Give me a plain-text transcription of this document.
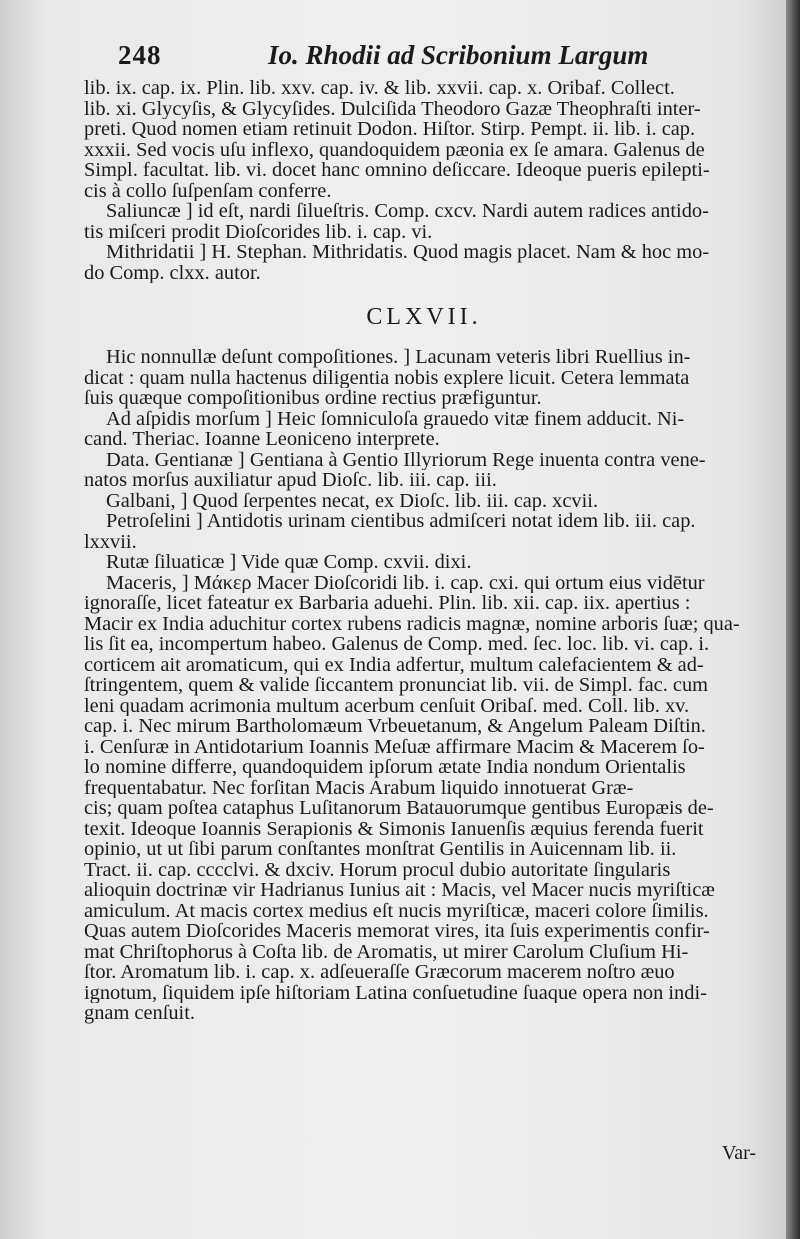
248	Io. Rhodii ad Scribonium Largum
lib. ix. cap. ix. Plin. lib. xxv. cap. iv. & lib. xxvii. cap. x. Oribaf. Collect.
lib. xi. Glycyſis, & Glycyſides. Dulciſida Theodoro Gazæ Theophraſti inter-
preti. Quod nomen etiam retinuit Dodon. Hiſtor. Stirp. Pempt. ii. lib. i. cap.
xxxii. Sed vocis uſu inflexo, quandoquidem pæonia ex ſe amara. Galenus de
Simpl. facultat. lib. vi. docet hanc omnino deſiccare. Ideoque pueris epilepti-
cis à collo ſuſpenſam conferre.
Saliuncæ ] id eſt, nardi ſilueſtris. Comp. cxcv. Nardi autem radices antido-
tis miſceri prodit Dioſcorides lib. i. cap. vi.
Mithridatii ] H. Stephan. Mithridatis. Quod magis placet. Nam & hoc mo-
do Comp. clxx. autor.
CLXVII.
Hic nonnullæ deſunt compoſitiones. ] Lacunam veteris libri Ruellius in-
dicat : quam nulla hactenus diligentia nobis explere licuit. Cetera lemmata
ſuis quæque compoſitionibus ordine rectius præfiguntur.
Ad aſpidis morſum ] Heic ſomniculoſa grauedo vitæ finem adducit. Ni-
cand. Theriac. Ioanne Leoniceno interprete.
Data. Gentianæ ] Gentiana à Gentio Illyriorum Rege inuenta contra vene-
natos morſus auxiliatur apud Dioſc. lib. iii. cap. iii.
Galbani, ] Quod ſerpentes necat, ex Dioſc. lib. iii. cap. xcvii.
Petroſelini ] Antidotis urinam cientibus admiſceri notat idem lib. iii. cap.
lxxvii.
Rutæ ſiluaticæ ] Vide quæ Comp. cxvii. dixi.
Maceris, ] Μάκερ Macer Dioſcoridi lib. i. cap. cxi. qui ortum eius vidētur
ignoraſſe, licet fateatur ex Barbaria aduehi. Plin. lib. xii. cap. iix. apertius :
Macir ex India aduchitur cortex rubens radicis magnæ, nomine arboris ſuæ; qua-
lis ſit ea, incompertum habeo. Galenus de Comp. med. ſec. loc. lib. vi. cap. i.
corticem ait aromaticum, qui ex India adfertur, multum calefacientem & ad-
ſtringentem, quem & valide ſiccantem pronunciat lib. vii. de Simpl. fac. cum
leni quadam acrimonia multum acerbum cenſuit Oribaſ. med. Coll. lib. xv.
cap. i. Nec mirum Bartholomæum Vrbeuetanum, & Angelum Paleam Diſtin.
i. Cenſuræ in Antidotarium Ioannis Meſuæ affirmare Macim & Macerem ſo-
lo nomine differre, quandoquidem ipſorum ætate India nondum Orientalis
frequentabatur. Nec forſitan Macis Arabum liquido innotuerat Græ-
cis; quam poſtea cataphus Luſitanorum Batauorumque gentibus Europæis de-
texit. Ideoque Ioannis Serapionis & Simonis Ianuenſis æquius ferenda fuerit
opinio, ut ut ſibi parum conſtantes monſtrat Gentilis in Auicennam lib. ii.
Tract. ii. cap. cccclvi. & dxciv. Horum procul dubio autoritate ſingularis
alioquin doctrinæ vir Hadrianus Iunius ait : Macis, vel Macer nucis myriſticæ
amiculum. At macis cortex medius eſt nucis myriſticæ, maceri colore ſimilis.
Quas autem Dioſcorides Maceris memorat vires, ita ſuis experimentis confir-
mat Chriſtophorus à Coſta lib. de Aromatis, ut mirer Carolum Cluſium Hi-
ſtor. Aromatum lib. i. cap. x. adſeueraſſe Græcorum macerem noſtro æuo
ignotum, ſiquidem ipſe hiſtoriam Latina conſuetudine ſuaque opera non indi-
gnam cenſuit.
Var-
